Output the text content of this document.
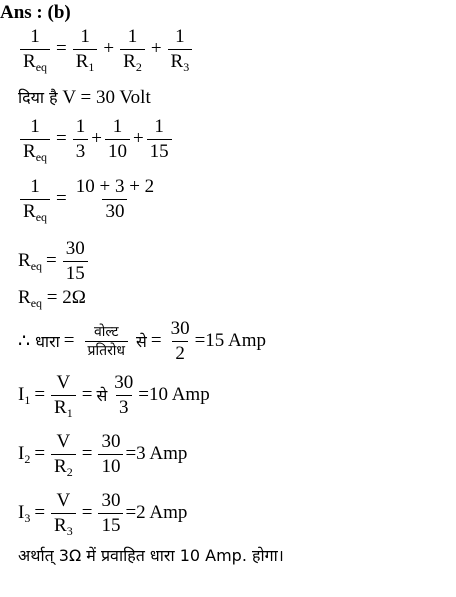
Ans : (b)
$\frac{1}{R_{eq}} = \frac{1}{R_1} + \frac{1}{R_2} + \frac{1}{R_3}$
दिया है V = 30 Volt
$\frac{1}{R_{eq}} = \frac{1}{3} + \frac{1}{10} + \frac{1}{15}$
$\frac{1}{R_{eq}} = \frac{10 + 3 + 2}{30}$
$R_{eq} = \frac{30}{15}$
$R_{eq} = 2\Omega$
∴ धारा = $\frac{\text{वोल्ट}}{\text{प्रतिरोध}}$ से = $\frac{30}{2} =15$ Amp
$I_1 = \frac{V}{R_1}$ = से $\frac{30}{3} =10$ Amp
$I_2 = \frac{V}{R_2} = \frac{30}{10} =3$ Amp
$I_3 = \frac{V}{R_3} = \frac{30}{15} =2$ Amp
अर्थात् 3Ω में प्रवाहित धारा 10 Amp. होगा।
